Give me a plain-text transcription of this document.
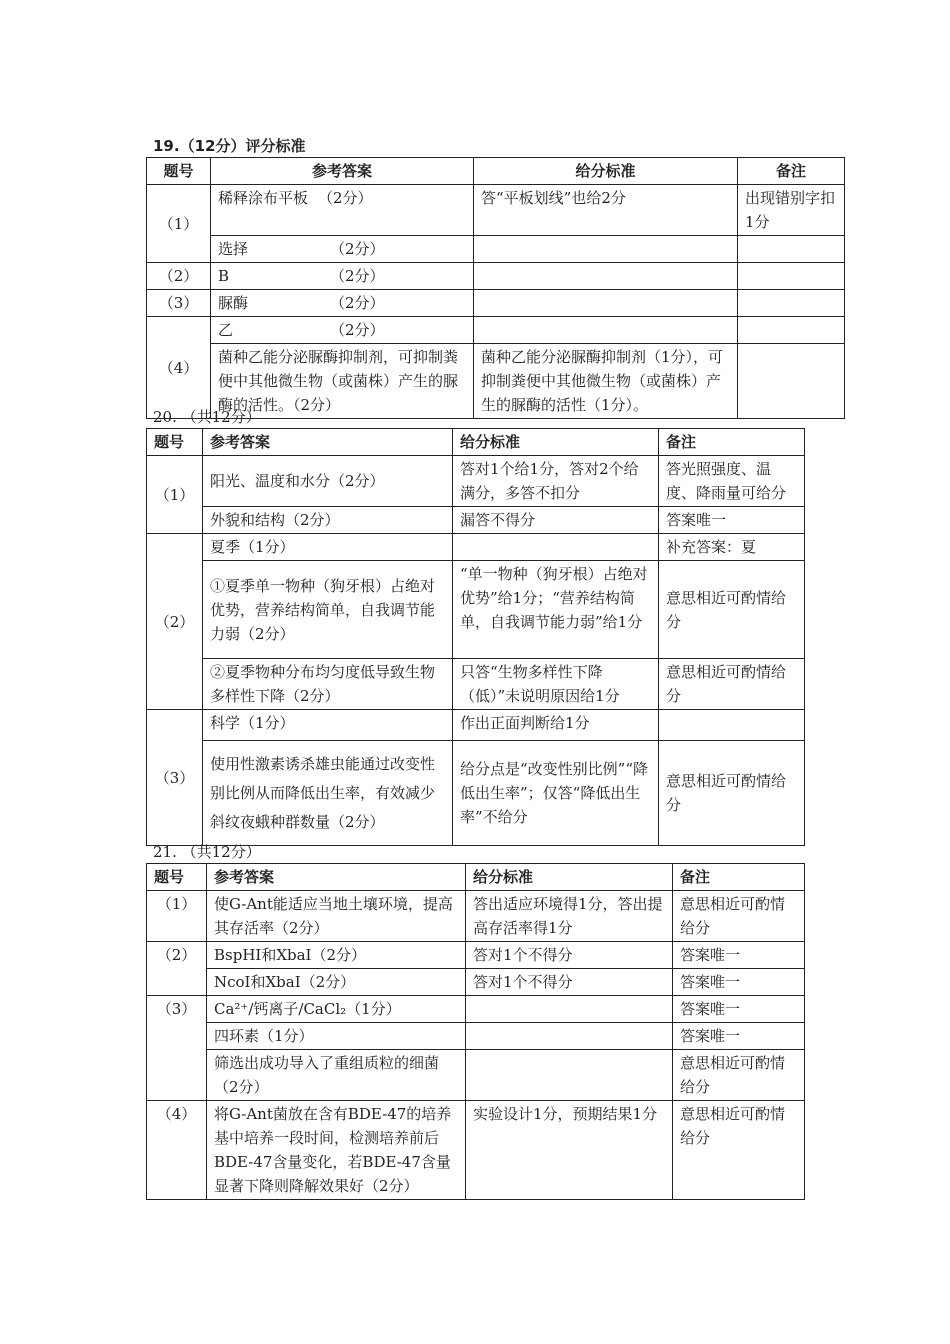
19.（12分）评分标准
题号	参考答案	给分标准	备注
（1）	稀释涂布平板 （2分）	答“平板划线”也给2分	出现错别字扣1分
	选择 （2分）		
（2）	B （2分）		
（3）	脲酶 （2分）		
（4）	乙 （2分）		
	菌种乙能分泌脲酶抑制剂，可抑制粪便中其他微生物（或菌株）产生的脲酶的活性。（2分）	菌种乙能分泌脲酶抑制剂（1分），可抑制粪便中其他微生物（或菌株）产生的脲酶的活性（1分）。	
20. （共12分）
题号	参考答案	给分标准	备注
（1）	阳光、温度和水分（2分）	答对1个给1分，答对2个给满分，多答不扣分	答光照强度、温度、降雨量可给分
	外貌和结构（2分）	漏答不得分	答案唯一
（2）	夏季（1分）		补充答案：夏
	①夏季单一物种（狗牙根）占绝对优势，营养结构简单，自我调节能力弱（2分）	“单一物种（狗牙根）占绝对优势”给1分；“营养结构简单，自我调节能力弱”给1分	意思相近可酌情给分
	②夏季物种分布均匀度低导致生物多样性下降（2分）	只答“生物多样性下降（低）”未说明原因给1分	意思相近可酌情给分
（3）	科学（1分）	作出正面判断给1分	
	使用性激素诱杀雄虫能通过改变性别比例从而降低出生率，有效减少斜纹夜蛾种群数量（2分）	给分点是“改变性别比例”“降低出生率”；仅答“降低出生率”不给分	意思相近可酌情给分
21. （共12分）
题号	参考答案	给分标准	备注
（1）	使G-Ant能适应当地土壤环境，提高其存活率（2分）	答出适应环境得1分，答出提高存活率得1分	意思相近可酌情给分
（2）	BspHI和XbaI（2分）	答对1个不得分	答案唯一
	NcoI和XbaI（2分）	答对1个不得分	答案唯一
（3）	Ca²⁺/钙离子/CaCl₂（1分）		答案唯一
	四环素（1分）		答案唯一
	筛选出成功导入了重组质粒的细菌（2分）		意思相近可酌情给分
（4）	将G-Ant菌放在含有BDE-47的培养基中培养一段时间，检测培养前后BDE-47含量变化，若BDE-47含量显著下降则降解效果好（2分）	实验设计1分，预期结果1分	意思相近可酌情给分
